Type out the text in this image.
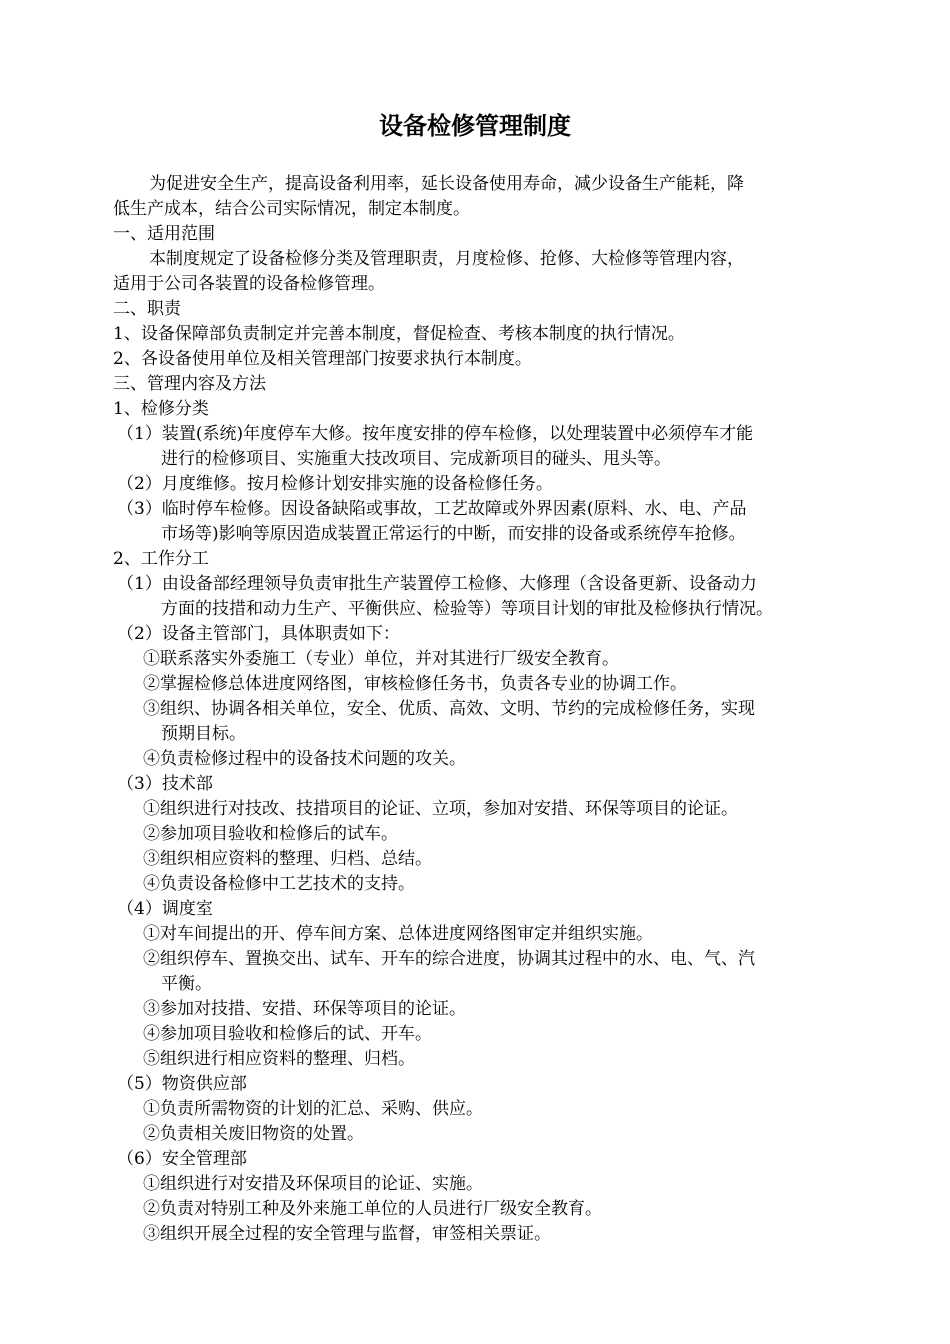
设备检修管理制度
为促进安全生产，提高设备利用率，延长设备使用寿命，减少设备生产能耗，降
低生产成本，结合公司实际情况，制定本制度。
一、适用范围
本制度规定了设备检修分类及管理职责，月度检修、抢修、大检修等管理内容，
适用于公司各装置的设备检修管理。
二、职责
1、设备保障部负责制定并完善本制度，督促检查、考核本制度的执行情况。
2、各设备使用单位及相关管理部门按要求执行本制度。
三、管理内容及方法
1、检修分类
（1）装置(系统)年度停车大修。按年度安排的停车检修，以处理装置中必须停车才能
进行的检修项目、实施重大技改项目、完成新项目的碰头、甩头等。
（2）月度维修。按月检修计划安排实施的设备检修任务。
（3）临时停车检修。因设备缺陷或事故，工艺故障或外界因素(原料、水、电、产品
市场等)影响等原因造成装置正常运行的中断，而安排的设备或系统停车抢修。
2、工作分工
（1）由设备部经理领导负责审批生产装置停工检修、大修理（含设备更新、设备动力
方面的技措和动力生产、平衡供应、检验等）等项目计划的审批及检修执行情况。
（2）设备主管部门，具体职责如下：
①联系落实外委施工（专业）单位，并对其进行厂级安全教育。
②掌握检修总体进度网络图，审核检修任务书，负责各专业的协调工作。
③组织、协调各相关单位，安全、优质、高效、文明、节约的完成检修任务，实现
预期目标。
④负责检修过程中的设备技术问题的攻关。
（3）技术部
①组织进行对技改、技措项目的论证、立项，参加对安措、环保等项目的论证。
②参加项目验收和检修后的试车。
③组织相应资料的整理、归档、总结。
④负责设备检修中工艺技术的支持。
（4）调度室
①对车间提出的开、停车间方案、总体进度网络图审定并组织实施。
②组织停车、置换交出、试车、开车的综合进度，协调其过程中的水、电、气、汽
平衡。
③参加对技措、安措、环保等项目的论证。
④参加项目验收和检修后的试、开车。
⑤组织进行相应资料的整理、归档。
（5）物资供应部
①负责所需物资的计划的汇总、采购、供应。
②负责相关废旧物资的处置。
（6）安全管理部
①组织进行对安措及环保项目的论证、实施。
②负责对特别工种及外来施工单位的人员进行厂级安全教育。
③组织开展全过程的安全管理与监督，审签相关票证。
